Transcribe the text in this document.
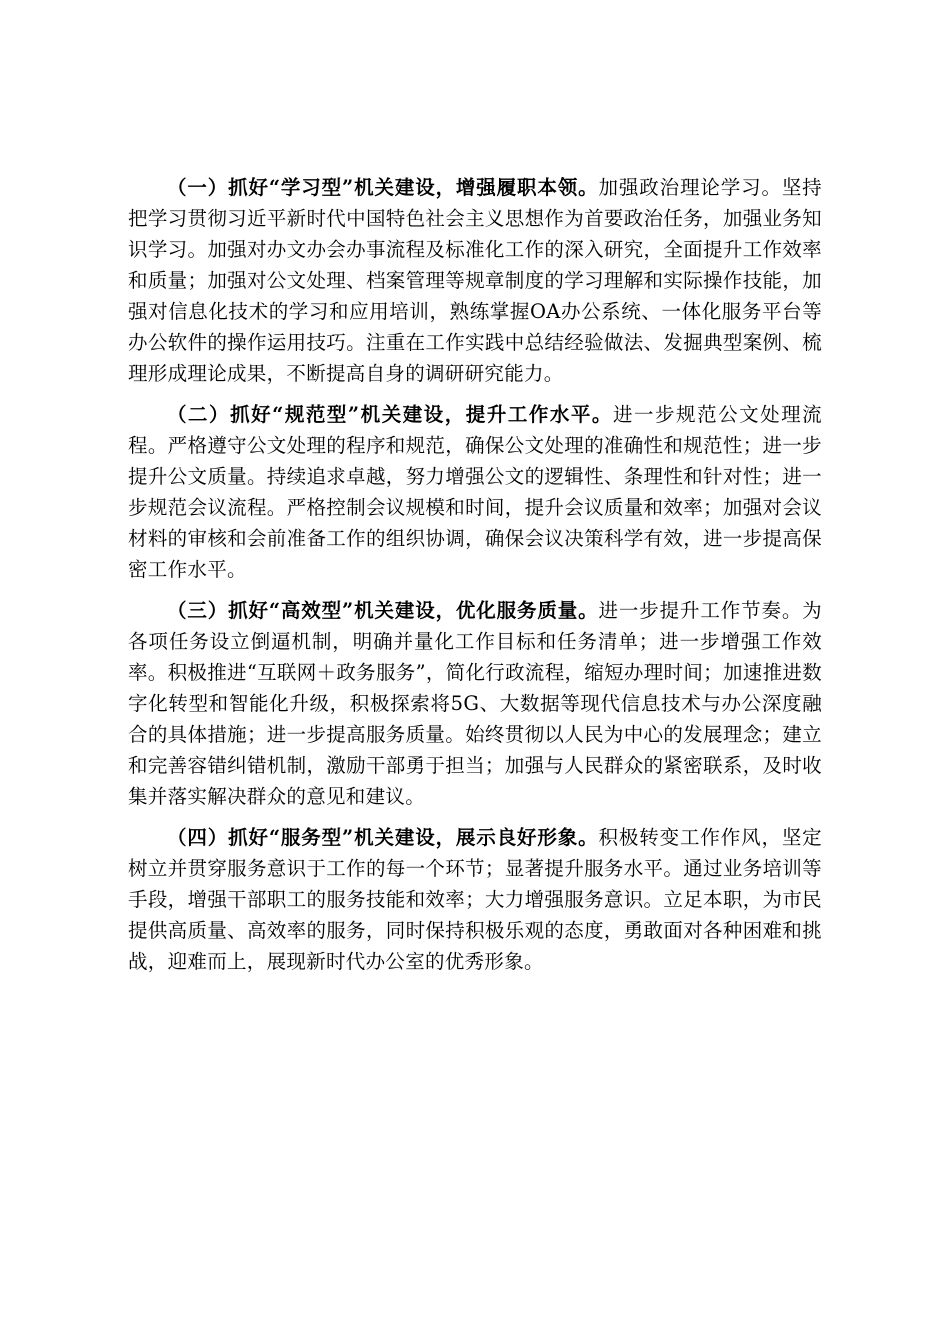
（一）抓好“学习型”机关建设，增强履职本领。加强政治理论学习。坚持把学习贯彻习近平新时代中国特色社会主义思想作为首要政治任务，加强业务知识学习。加强对办文办会办事流程及标准化工作的深入研究，全面提升工作效率和质量；加强对公文处理、档案管理等规章制度的学习理解和实际操作技能，加强对信息化技术的学习和应用培训，熟练掌握OA办公系统、一体化服务平台等办公软件的操作运用技巧。注重在工作实践中总结经验做法、发掘典型案例、梳理形成理论成果，不断提高自身的调研研究能力。

（二）抓好“规范型”机关建设，提升工作水平。进一步规范公文处理流程。严格遵守公文处理的程序和规范，确保公文处理的准确性和规范性；进一步提升公文质量。持续追求卓越，努力增强公文的逻辑性、条理性和针对性；进一步规范会议流程。严格控制会议规模和时间，提升会议质量和效率；加强对会议材料的审核和会前准备工作的组织协调，确保会议决策科学有效，进一步提高保密工作水平。

（三）抓好“高效型”机关建设，优化服务质量。进一步提升工作节奏。为各项任务设立倒逼机制，明确并量化工作目标和任务清单；进一步增强工作效率。积极推进“互联网＋政务服务”，简化行政流程，缩短办理时间；加速推进数字化转型和智能化升级，积极探索将5G、大数据等现代信息技术与办公深度融合的具体措施；进一步提高服务质量。始终贯彻以人民为中心的发展理念；建立和完善容错纠错机制，激励干部勇于担当；加强与人民群众的紧密联系，及时收集并落实解决群众的意见和建议。

（四）抓好“服务型”机关建设，展示良好形象。积极转变工作作风，坚定树立并贯穿服务意识于工作的每一个环节；显著提升服务水平。通过业务培训等手段，增强干部职工的服务技能和效率；大力增强服务意识。立足本职，为市民提供高质量、高效率的服务，同时保持积极乐观的态度，勇敢面对各种困难和挑战，迎难而上，展现新时代办公室的优秀形象。
